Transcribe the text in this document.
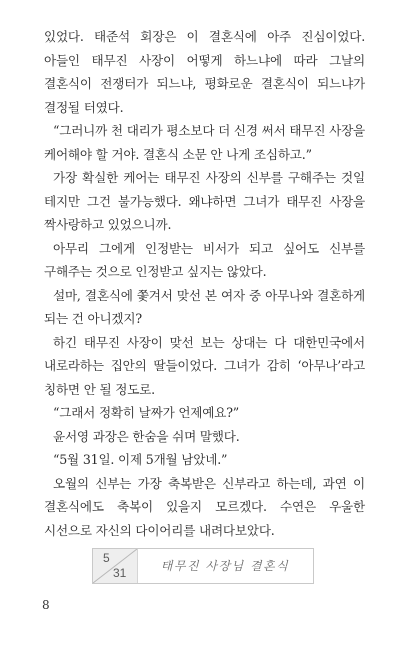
있었다. 태준석 회장은 이 결혼식에 아주 진심이었다. 아들인 태무진 사장이 어떻게 하느냐에 따라 그날의 결혼식이 전쟁터가 되느냐, 평화로운 결혼식이 되느냐가 결정될 터였다.

“그러니까 천 대리가 평소보다 더 신경 써서 태무진 사장을 케어해야 할 거야. 결혼식 소문 안 나게 조심하고.”

가장 확실한 케어는 태무진 사장의 신부를 구해주는 것일 테지만 그건 불가능했다. 왜냐하면 그녀가 태무진 사장을 짝사랑하고 있었으니까.

아무리 그에게 인정받는 비서가 되고 싶어도 신부를 구해주는 것으로 인정받고 싶지는 않았다.

설마, 결혼식에 쫓겨서 맞선 본 여자 중 아무나와 결혼하게 되는 건 아니겠지?

하긴 태무진 사장이 맞선 보는 상대는 다 대한민국에서 내로라하는 집안의 딸들이었다. 그녀가 감히 ‘아무나’라고 칭하면 안 될 정도로.

“그래서 정확히 날짜가 언제예요?”

윤서영 과장은 한숨을 쉬며 말했다.

“5월 31일. 이제 5개월 남았네.”

오월의 신부는 가장 축복받은 신부라고 하는데, 과연 이 결혼식에도 축복이 있을지 모르겠다. 수연은 우울한 시선으로 자신의 다이어리를 내려다보았다.

5
31	태무진 사장님 결혼식
8
